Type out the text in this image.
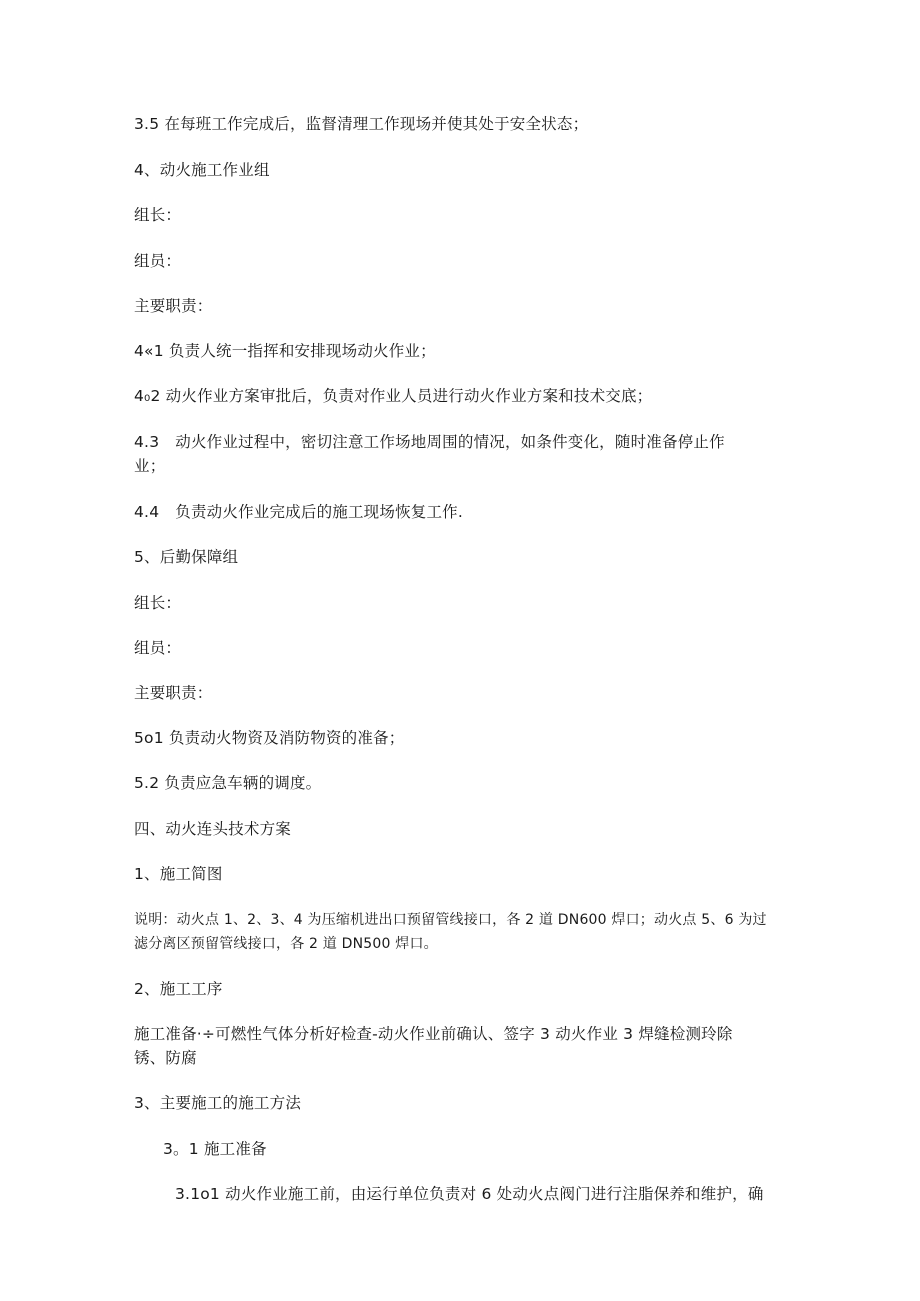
3.5 在每班工作完成后，监督清理工作现场并使其处于安全状态；
4、动火施工作业组
组长：
组员：
主要职责：
4«1 负责人统一指挥和安排现场动火作业；
4₀2 动火作业方案审批后，负责对作业人员进行动火作业方案和技术交底；
4.3 动火作业过程中，密切注意工作场地周围的情况，如条件变化，随时准备停止作
业；
4.4 负责动火作业完成后的施工现场恢复工作.
5、后勤保障组
组长：
组员：
主要职责：
5o1 负责动火物资及消防物资的准备；
5.2 负责应急车辆的调度。
四、动火连头技术方案
1、施工简图
说明：动火点 1、2、3、4 为压缩机进出口预留管线接口，各 2 道 DN600 焊口；动火点 5、6 为过
滤分离区预留管线接口，各 2 道 DN500 焊口。
2、施工工序
施工准备·÷可燃性气体分析好检查-动火作业前确认、签字 3 动火作业 3 焊缝检测玲除
锈、防腐
3、主要施工的施工方法
3。1 施工准备
3.1o1 动火作业施工前，由运行单位负责对 6 处动火点阀门进行注脂保养和维护，确
